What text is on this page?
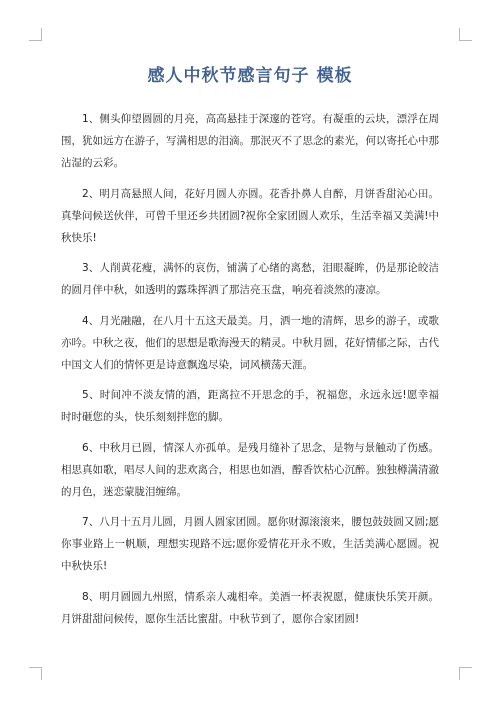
感人中秋节感言句子 模板

1、侧头仰望圆圆的月亮，高高悬挂于深邃的苍穹。有凝重的云块，漂浮在周围，犹如远方在游子，写满相思的泪滴。那泯灭不了思念的素光，何以寄托心中那沾湿的云彩。

2、明月高悬照人间，花好月圆人亦圆。花香扑鼻人自醉，月饼香甜沁心田。真挚问候送伙伴，可曾千里还乡共团圆?祝你全家团圆人欢乐，生活幸福又美满!中秋快乐!

3、人削黄花瘦，满怀的哀伤，铺满了心绪的离愁，泪眼凝眸，仍是那论皎洁的圆月伴中秋，如透明的露珠挥洒了那洁亮玉盘，响亮着淡然的凄凉。

4、月光融融，在八月十五这天最美。月，洒一地的清辉，思乡的游子，或歌亦吟。中秋之夜，他们的思想是歌海漫天的精灵。中秋月圆，花好情郁之际，古代中国文人们的情怀更是诗意飘逸尽染，词风横荡天涯。

5、时间冲不淡友情的酒，距离拉不开思念的手，祝福您，永远永远!愿幸福时时砸您的头，快乐刻刻拌您的脚。

6、中秋月已圆，情深人亦孤单。是残月缝补了思念，是物与景触动了伤感。相思真如歌，唱尽人间的悲欢离合，相思也如酒，醇香饮枯心沉醉。独独樽满清澈的月色，迷恋蒙胧泪缠绵。

7、八月十五月儿圆，月圆人圆家团圆。愿你财源滚滚来，腰包鼓鼓圆又圆;愿你事业路上一帆顺，理想实现路不远;愿你爱情花开永不败，生活美满心愿圆。祝中秋快乐!

8、明月圆圆九州照，情系亲人魂相牵。美酒一杯表祝愿，健康快乐笑开颜。月饼甜甜问候传，愿你生活比蜜甜。中秋节到了，愿你合家团圆!
